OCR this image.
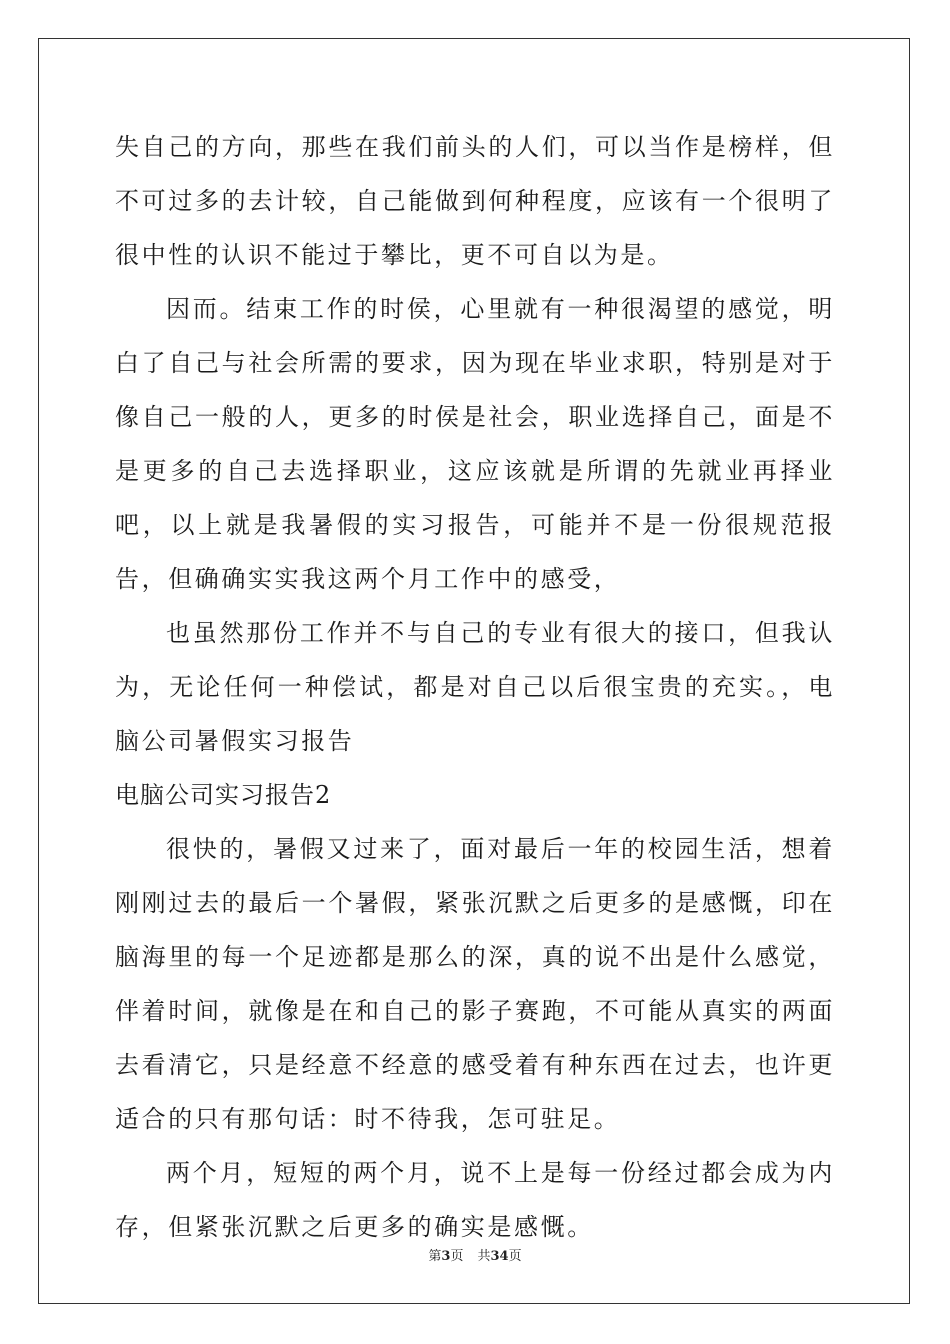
失自己的方向，那些在我们前头的人们，可以当作是榜样，但不可过多的去计较，自己能做到何种程度，应该有一个很明了很中性的认识不能过于攀比，更不可自以为是。

因而。结束工作的时侯，心里就有一种很渴望的感觉，明白了自己与社会所需的要求，因为现在毕业求职，特别是对于像自己一般的人，更多的时侯是社会，职业选择自己，面是不是更多的自己去选择职业，这应该就是所谓的先就业再择业吧，以上就是我暑假的实习报告，可能并不是一份很规范报告，但确确实实我这两个月工作中的感受，

也虽然那份工作并不与自己的专业有很大的接口，但我认为，无论任何一种偿试，都是对自己以后很宝贵的充实。，电脑公司暑假实习报告

电脑公司实习报告2

很快的，暑假又过来了，面对最后一年的校园生活，想着刚刚过去的最后一个暑假，紧张沉默之后更多的是感慨，印在脑海里的每一个足迹都是那么的深，真的说不出是什么感觉，伴着时间，就像是在和自己的影子赛跑，不可能从真实的两面去看清它，只是经意不经意的感受着有种东西在过去，也许更适合的只有那句话：时不待我，怎可驻足。

两个月，短短的两个月，说不上是每一份经过都会成为内存，但紧张沉默之后更多的确实是感慨。

第3页 共34页
